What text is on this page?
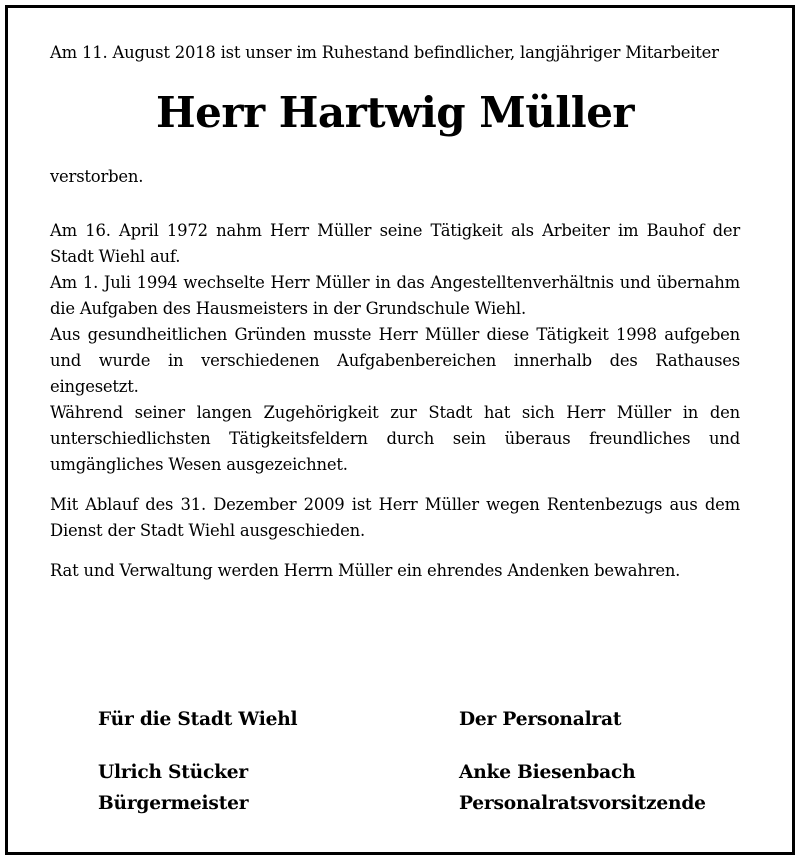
Am 11. August 2018 ist unser im Ruhestand befindlicher, langjähriger Mitarbeiter

Herr Hartwig Müller

verstorben.

Am 16. April 1972 nahm Herr Müller seine Tätigkeit als Arbeiter im Bauhof der Stadt Wiehl auf.

Am 1. Juli 1994 wechselte Herr Müller in das Angestelltenverhältnis und übernahm die Aufgaben des Hausmeisters in der Grundschule Wiehl.

Aus gesundheitlichen Gründen musste Herr Müller diese Tätigkeit 1998 aufgeben und wurde in verschiedenen Aufgabenbereichen innerhalb des Rathauses eingesetzt.

Während seiner langen Zugehörigkeit zur Stadt hat sich Herr Müller in den unterschiedlichsten Tätigkeitsfeldern durch sein überaus freundliches und umgängliches Wesen ausgezeichnet.

Mit Ablauf des 31. Dezember 2009 ist Herr Müller wegen Rentenbezugs aus dem Dienst der Stadt Wiehl ausgeschieden.

Rat und Verwaltung werden Herrn Müller ein ehrendes Andenken bewahren.

Für die Stadt Wiehl
Ulrich Stücker
Bürgermeister
Der Personalrat
Anke Biesenbach
Personalratsvorsitzende
